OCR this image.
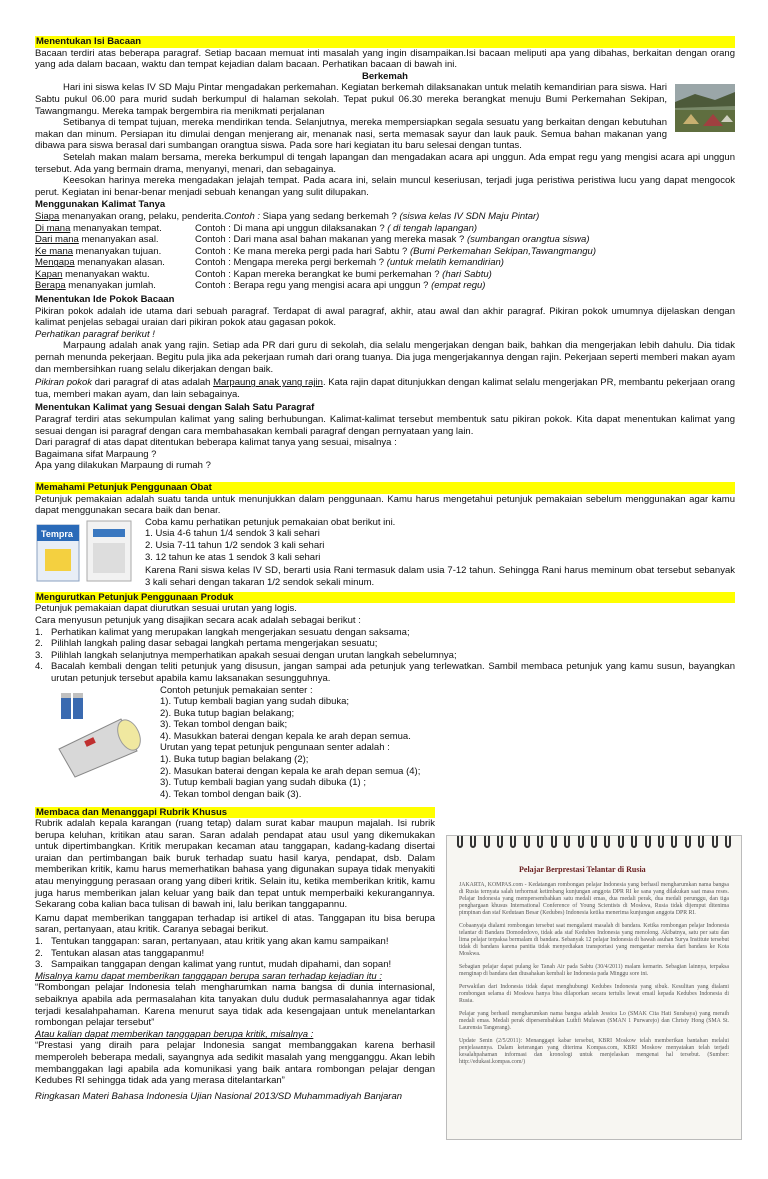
Menentukan Isi Bacaan

Bacaan terdiri atas beberapa paragraf. Setiap bacaan memuat inti masalah yang ingin disampaikan.Isi bacaan meliputi apa yang dibahas, berkaitan dengan orang yang ada dalam bacaan, waktu dan tempat kejadian dalam bacaan. Perhatikan bacaan di bawah ini.

Berkemah

Hari ini siswa kelas IV SD Maju Pintar mengadakan perkemahan. Kegiatan berkemah dilaksanakan untuk melatih kemandirian para siswa. Hari Sabtu pukul 06.00 para murid sudah berkumpul di halaman sekolah. Tepat pukul 06.30 mereka berangkat menuju Bumi Perkemahan Sekipan, Tawangmangu. Mereka tampak bergembira ria menikmati perjalanan

Setibanya di tempat tujuan, mereka mendirikan tenda. Selanjutnya, mereka mempersiapkan segala sesuatu yang berkaitan dengan kebutuhan makan dan minum. Persiapan itu dimulai dengan menjerang air, menanak nasi, serta memasak sayur dan lauk pauk. Semua bahan makanan yang dibawa para siswa berasal dari sumbangan orangtua siswa. Pada sore hari kegiatan itu baru selesai dengan tuntas.

Setelah makan malam bersama, mereka berkumpul di tengah lapangan dan mengadakan acara api unggun. Ada empat regu yang mengisi acara api unggun tersebut. Ada yang bermain drama, menyanyi, menari, dan sebagainya.

Keesokan harinya mereka mengadakan jelajah tempat. Pada acara ini, selain muncul keseriusan, terjadi juga peristiwa peristiwa lucu yang dapat mengocok perut. Kegiatan ini benar-benar menjadi sebuah kenangan yang sulit dilupakan.

Menggunakan Kalimat Tanya

Siapa menanyakan orang, pelaku, penderita.Contoh : Siapa yang sedang berkemah ? (siswa kelas IV SDN Maju Pintar)

Di mana menanyakan tempat.	Contoh : Di mana api unggun dilaksanakan ? ( di tengah lapangan)
Dari mana menanyakan asal.	Contoh : Dari mana asal bahan makanan yang mereka masak ? (sumbangan orangtua siswa)
Ke mana menanyakan tujuan.	Contoh : Ke mana mereka pergi pada hari Sabtu ? (Bumi Perkemahan Sekipan,Tawangmangu)
Mengapa menanyakan alasan.	Contoh : Mengapa mereka pergi berkemah ? (untuk melatih kemandirian)
Kapan menanyakan waktu.	Contoh : Kapan mereka berangkat ke bumi perkemahan ? (hari Sabtu)
Berapa menanyakan jumlah.	Contoh : Berapa regu yang mengisi acara api unggun ? (empat regu)
Menentukan Ide Pokok Bacaan

Pikiran pokok adalah ide utama dari sebuah paragraf. Terdapat di awal paragraf, akhir, atau awal dan akhir paragraf. Pikiran pokok umumnya dijelaskan dengan kalimat penjelas sebagai uraian dari pikiran pokok atau gagasan pokok.

Perhatikan paragraf berikut !

Marpaung adalah anak yang rajin. Setiap ada PR dari guru di sekolah, dia selalu mengerjakan dengan baik, bahkan dia mengerjakan lebih dahulu. Dia tidak pernah menunda pekerjaan. Begitu pula jika ada pekerjaan rumah dari orang tuanya. Dia juga mengerjakannya dengan rajin. Pekerjaan seperti memberi makan ayam dan membersihkan ruang selalu dikerjakan dengan baik.

Pikiran pokok dari paragraf di atas adalah Marpaung anak yang rajin. Kata rajin dapat ditunjukkan dengan kalimat selalu mengerjakan PR, membantu pekerjaan orang tua, memberi makan ayam, dan lain sebagainya.

Menentukan Kalimat yang Sesuai dengan Salah Satu Paragraf

Paragraf terdiri atas sekumpulan kalimat yang saling berhubungan. Kalimat-kalimat tersebut membentuk satu pikiran pokok. Kita dapat menentukan kalimat yang sesuai dengan isi paragraf dengan cara membahasakan kembali paragraf dengan pernyataan yang lain.

Dari paragraf di atas dapat ditentukan beberapa kalimat tanya yang sesuai, misalnya :

Bagaimana sifat Marpaung ?

Apa yang dilakukan Marpaung di rumah ?

Memahami Petunjuk Penggunaan Obat

Petunjuk pemakaian adalah suatu tanda untuk menunjukkan dalam penggunaan. Kamu harus mengetahui petunjuk pemakaian sebelum menggunakan agar kamu dapat menggunakan secara baik dan benar.

Tempra

Coba kamu perhatikan petunjuk pemakaian obat berikut ini.

1. Usia 4-6 tahun 1/4 sendok 3 kali sehari

2. Usia 7-11 tahun 1/2 sendok 3 kali sehari

3. 12 tahun ke atas 1 sendok 3 kali sehari

Karena Rani siswa kelas IV SD, berarti usia Rani termasuk dalam usia 7-12 tahun. Sehingga Rani harus meminum obat tersebut sebanyak 3 kali sehari dengan takaran 1/2 sendok sekali minum.

Mengurutkan Petunjuk Penggunaan Produk

Petunjuk pemakaian dapat diurutkan sesuai urutan yang logis.

Cara menyusun petunjuk yang disajikan secara acak adalah sebagai berikut :

1. Perhatikan kalimat yang merupakan langkah mengerjakan sesuatu dengan saksama;
2. Pilihlah langkah paling dasar sebagai langkah pertama mengerjakan sesuatu;
3. Pilihlah langkah selanjutnya memperhatikan apakah sesuai dengan urutan langkah sebelumnya;
4. Bacalah kembali dengan teliti petunjuk yang disusun, jangan sampai ada petunjuk yang terlewatkan. Sambil membaca petunjuk yang kamu susun, bayangkan urutan petunjuk tersebut apabila kamu laksanakan sesungguhnya.

Contoh petunjuk pemakaian senter :

1). Tutup kembali bagian yang sudah dibuka;

2). Buka tutup bagian belakang;

3). Tekan tombol dengan baik;

4). Masukkan baterai dengan kepala ke arah depan semua.

Urutan yang tepat petunjuk pengunaan senter adalah :

1). Buka tutup bagian belakang (2);

2). Masukan baterai dengan kepala ke arah depan semua (4);

3). Tutup kembali bagian yang sudah dibuka (1) ;

4). Tekan tombol dengan baik (3).

Membaca dan Menanggapi Rubrik Khusus

Rubrik adalah kepala karangan (ruang tetap) dalam surat kabar maupun majalah. Isi rubrik berupa keluhan, kritikan atau saran. Saran adalah pendapat atau usul yang dikemukakan untuk dipertimbangkan. Kritik merupakan kecaman atau tanggapan, kadang-kadang disertai uraian dan pertimbangan baik buruk terhadap suatu hasil karya, pendapat, dsb. Dalam memberikan kritik, kamu harus memerhatikan bahasa yang digunakan supaya tidak menyakiti atau menyinggung perasaan orang yang diberi kritik. Selain itu, ketika memberikan kritik, kamu juga harus memberikan jalan keluar yang baik dan tepat untuk memperbaiki kekurangannya. Sekarang coba kalian baca tulisan di bawah ini, lalu berikan tanggapannu.

Kamu dapat memberikan tanggapan terhadap isi artikel di atas. Tanggapan itu bisa berupa saran, pertanyaan, atau kritik. Caranya sebagai berikut.

1. Tentukan tanggapan: saran, pertanyaan, atau kritik yang akan kamu sampaikan!
2. Tentukan alasan atas tanggapanmu!
3. Sampaikan tanggapan dengan kalimat yang runtut, mudah dipahami, dan sopan!

Misalnya kamu dapat memberikan tanggapan berupa saran terhadap kejadian itu :

“Rombongan pelajar Indonesia telah mengharumkan nama bangsa di dunia internasional, sebaiknya apabila ada permasalahan kita tanyakan dulu duduk permasalahannya agar tidak terjadi kesalahpahaman. Karena menurut saya tidak ada kesengajaan untuk menelantarkan rombongan pelajar tersebut”

Atau kalian dapat memberikan tanggapan berupa kritik, misalnya :

“Prestasi yang diraih para pelajar Indonesia sangat membanggakan karena berhasil memperoleh beberapa medali, sayangnya ada sedikit masalah yang mengganggu. Akan lebih membanggakan lagi apabila ada komunikasi yang baik antara rombongan pelajar dengan Kedubes RI sehingga tidak ada yang merasa ditelantarkan”

Ringkasan Materi Bahasa Indonesia Ujian Nasional 2013/SD Muhammadiyah Banjaran

Pelajar Berprestasi Telantar di Rusia

JAKARTA, KOMPAS.com - Kedatangan rombongan pelajar Indonesia yang berhasil mengharumkan nama bangsa di Rusia ternyata salah terhormat ketimbang kunjungan anggota DPR RI ke sana yang dilakukan saat masa reses. Pelajar Indonesia yang mempersembahkan satu medali emas, dua medali perak, dua medali perunggu, dan tiga penghargaan khusus International Conference of Young Scientists di Moskwa, Rusia tidak dijemput ditenima pimpinan dan staf Kedutaan Besar (Kedubes) Indonesia ketika menerima kunjungan anggota DPR RI.

Cobaanyaja dialami rombongan tersebut saat mengalami masalah di bandara. Ketika rombongan pelajar Indonesia telantar di Bandara Domodedovo, tidak ada staf Kedubes Indonesia yang menolong. Akibatnya, satu per satu dan lima pelajar terpaksa bermalam di bandara. Sebanyak 12 pelajar Indonesia di bawah asuhan Surya Institute tersebut tidak di bandara karena panitia tidak menyediakan transportasi yang mengantar mereka dari bandara ke Kota Moskwa.

Sebagian pelajar dapat pulang ke Tanah Air pada Sabtu (30/4/2011) malam kemarin. Sebagian lainnya, terpaksa menginap di bandara dan diusahakan kembali ke Indonesia pada Minggu sore ini.

Perwakilan dari Indonesia tidak dapat menghubungi Kedubes Indonesia yang sibuk. Kesulitan yang dialami rombongan selama di Moskwa hanya bisa dilaporkan secara tertulis lewat email kepada Kedubes Indonesia di Rusia.

Pelajar yang berhasil mengharumkan nama bangsa adalah Jessica Lo (SMAK Cita Hati Surabaya) yang meraih medali emas. Medali perak dipersembahkan Luthfi Mulawan (SMAN 1 Purwarejo) dan Christy Hong (SMA St. Laurensia Tangerang).

Update Senin (2/5/2011): Menanggapi kabar tersebut, KBRI Moskow telah memberikan bantahan melalui penjelasannya. Dalam keterangan yang diterima Kompas.com, KBRI Moskow menyatakan telah terjadi kesalahpahaman informasi dan kronologi untuk menjelaskan mengenai hal tersebut. (Sumber: http://edukasi.kompas.com/)
